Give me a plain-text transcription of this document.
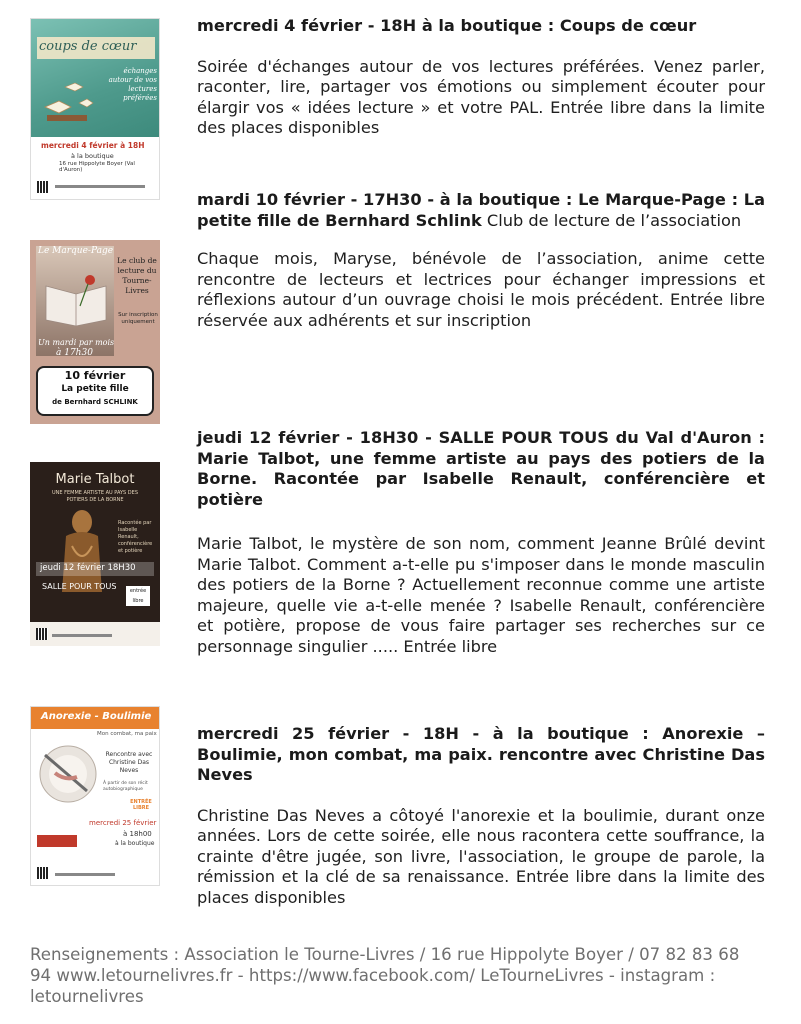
coups de cœur
échanges autour de vos lectures préférées
mercredi 4 février à 18H
à la boutique
16 rue Hippolyte Boyer (Val d'Auron)

mercredi 4 février - 18H à la boutique : Coups de cœur

Soirée d'échanges autour de vos lectures préférées. Venez parler, raconter, lire, partager vos émotions ou simplement écouter pour élargir vos « idées lecture » et votre PAL. Entrée libre dans la limite des places disponibles

Le Marque-Page
Le club de lecture du Tourne-Livres
Sur inscription uniquement
Un mardi par mois
à 17h30
10 février
La petite fille
de Bernhard SCHLINK

mardi 10 février - 17H30 - à la boutique : Le Marque-Page : La petite fille de Bernhard Schlink Club de lecture de l’association

Chaque mois, Maryse, bénévole de l’association, anime cette rencontre de lecteurs et lectrices pour échanger impressions et réflexions autour d’un ouvrage choisi le mois précédent. Entrée libre réservée aux adhérents et sur inscription

Marie Talbot
UNE FEMME ARTISTE AU PAYS DES POTIERS DE LA BORNE
Racontée par Isabelle Renault, conférencière et potière
jeudi 12 février 18H30
SALLE POUR TOUS	entrée libre

jeudi 12 février - 18H30 - SALLE POUR TOUS du Val d'Auron : Marie Talbot, une femme artiste au pays des potiers de la Borne. Racontée par Isabelle Renault, conférencière et potière

Marie Talbot, le mystère de son nom, comment Jeanne Brûlé devint Marie Talbot. Comment a-t-elle pu s'imposer dans le monde masculin des potiers de la Borne ? Actuellement reconnue comme une artiste majeure, quelle vie a-t-elle menée ? Isabelle Renault, conférencière et potière, propose de vous faire partager ses recherches sur ce personnage singulier ..... Entrée libre

Anorexie - Boulimie
Mon combat, ma paix
Rencontre avec Christine Das Neves
À partir de son récit autobiographique
ENTRÉE LIBRE
mercredi 25 février
à 18h00
à la boutique

mercredi 25 février - 18H - à la boutique : Anorexie – Boulimie, mon combat, ma paix. rencontre avec Christine Das Neves

Christine Das Neves a côtoyé l'anorexie et la boulimie, durant onze années. Lors de cette soirée, elle nous racontera cette souffrance, la crainte d'être jugée, son livre, l'association, le groupe de parole, la rémission et la clé de sa renaissance. Entrée libre dans la limite des places disponibles

Renseignements : Association le Tourne-Livres / 16 rue Hippolyte Boyer / 07 82 83 68 94 www.letournelivres.fr - https://www.facebook.com/ LeTourneLivres - instagram : letournelivres
